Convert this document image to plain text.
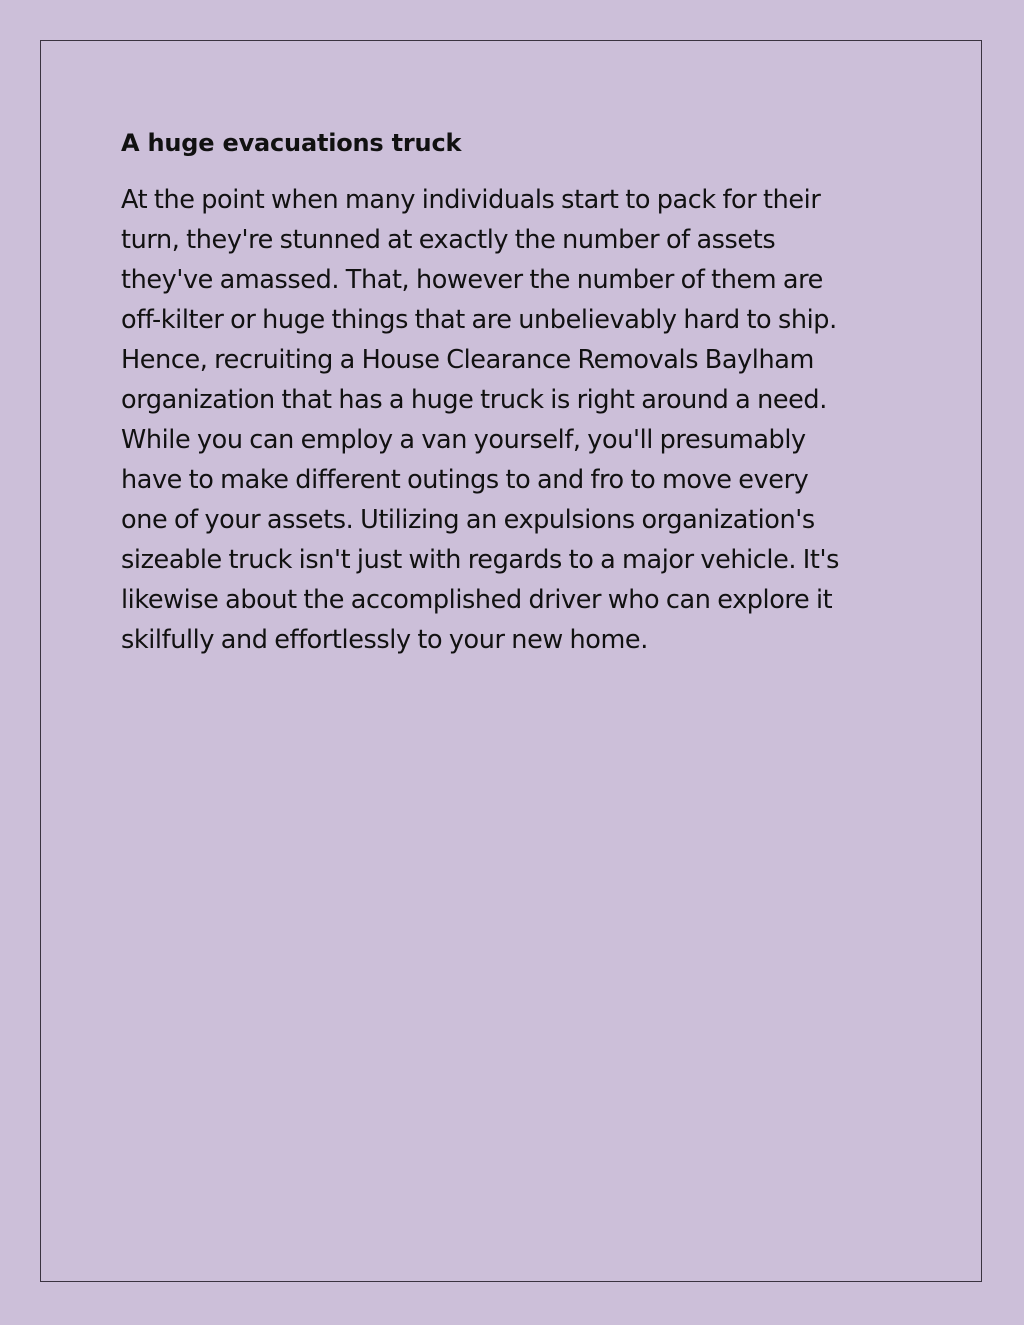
A huge evacuations truck

At the point when many individuals start to pack for their
turn, they're stunned at exactly the number of assets
they've amassed. That, however the number of them are
off-kilter or huge things that are unbelievably hard to ship.
Hence, recruiting a House Clearance Removals Baylham
organization that has a huge truck is right around a need.
While you can employ a van yourself, you'll presumably
have to make different outings to and fro to move every
one of your assets. Utilizing an expulsions organization's
sizeable truck isn't just with regards to a major vehicle. It's
likewise about the accomplished driver who can explore it
skilfully and effortlessly to your new home.
